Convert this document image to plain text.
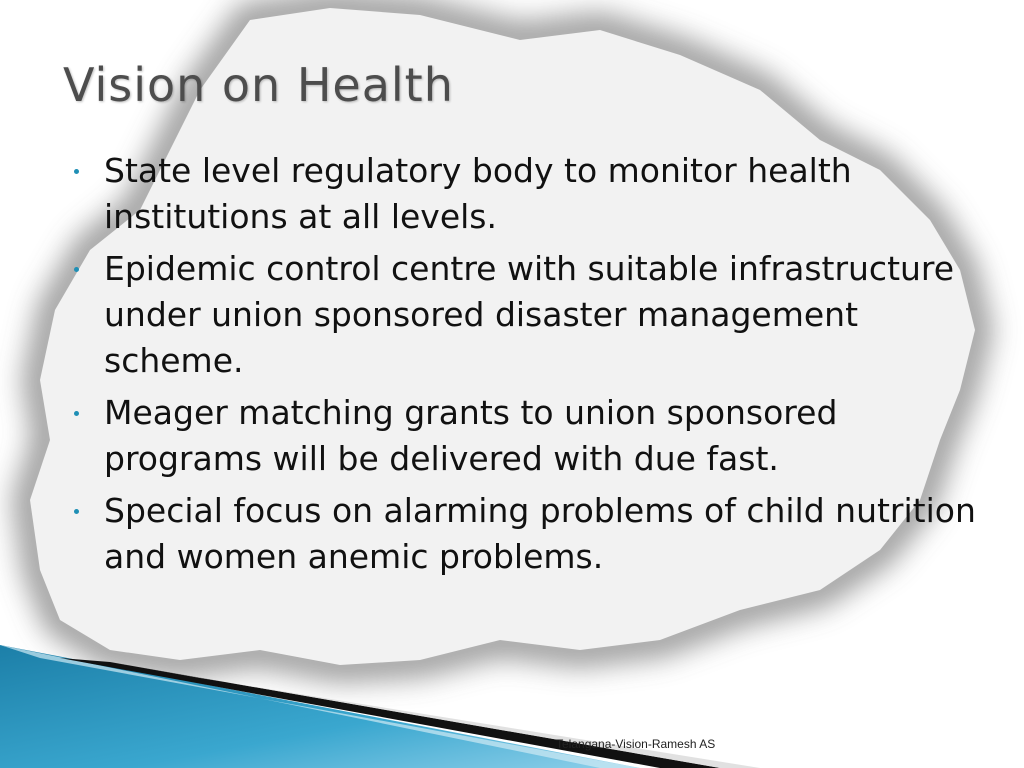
Vision on Health
State level regulatory body to monitor health institutions at all levels.
Epidemic control centre with suitable infrastructure under union sponsored disaster management scheme.
Meager matching grants to union sponsored programs will be delivered with due fast.
Special focus on alarming problems of child nutrition and women anemic problems.
Telangana-Vision-Ramesh AS
